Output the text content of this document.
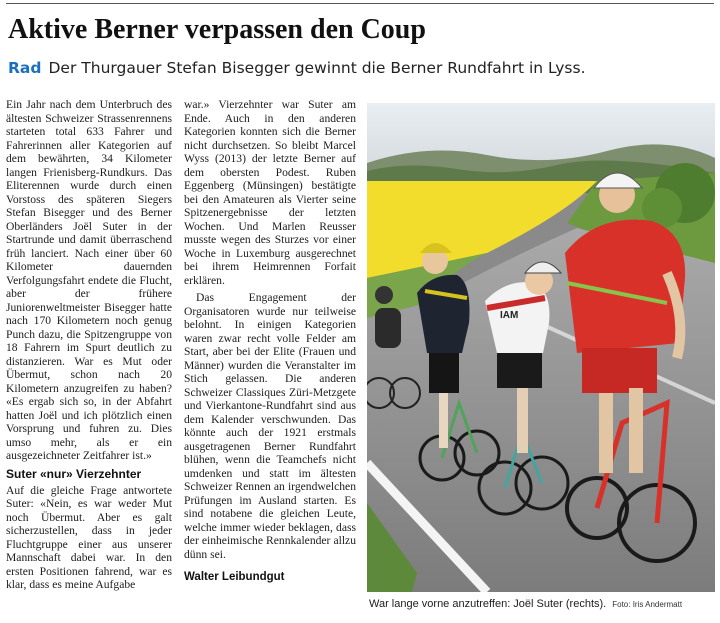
Aktive Berner verpassen den Coup
Rad Der Thurgauer Stefan Bisegger gewinnt die Berner Rundfahrt in Lyss.

Ein Jahr nach dem Unterbruch des ältesten Schweizer Strassenrennens starteten total 633 Fahrer und Fahrerinnen aller Kategorien auf dem bewährten, 34 Kilometer langen Frienisberg-Rundkurs. Das Eliterennen wurde durch einen Vorstoss des späteren Siegers Stefan Bisegger und des Berner Oberländers Joël Suter in der Startrunde und damit überraschend früh lanciert. Nach einer über 60 Kilometer dauernden Verfolgungsfahrt endete die Flucht, aber der frühere Juniorenweltmeister Bisegger hatte nach 170 Kilometern noch genug Punch dazu, die Spitzengruppe von 18 Fahrern im Spurt deutlich zu distanzieren. War es Mut oder Übermut, schon nach 20 Kilometern anzugreifen zu haben? «Es ergab sich so, in der Abfahrt hatten Joël und ich plötzlich einen Vorsprung und fuhren zu. Dies umso mehr, als er ein ausgezeichneter Zeitfahrer ist.»

Suter «nur» Vierzehnter

Auf die gleiche Frage antwortete Suter: «Nein, es war weder Mut noch Übermut. Aber es galt sicherzustellen, dass in jeder Fluchtgruppe einer aus unserer Mannschaft dabei war. In den ersten Positionen fahrend, war es klar, dass es meine Aufgabe

war.» Vierzehnter war Suter am Ende. Auch in den anderen Kategorien konnten sich die Berner nicht durchsetzen. So bleibt Marcel Wyss (2013) der letzte Berner auf dem obersten Podest. Ruben Eggenberg (Münsingen) bestätigte bei den Amateuren als Vierter seine Spitzenergebnisse der letzten Wochen. Und Marlen Reusser musste wegen des Sturzes vor einer Woche in Luxemburg ausgerechnet bei ihrem Heimrennen Forfait erklären.

Das Engagement der Organisatoren wurde nur teilweise belohnt. In einigen Kategorien waren zwar recht volle Felder am Start, aber bei der Elite (Frauen und Männer) wurden die Veranstalter im Stich gelassen. Die anderen Schweizer Classiques Züri-Metzgete und Vierkantone-Rundfahrt sind aus dem Kalender verschwunden. Das könnte auch der 1921 erstmals ausgetragenen Berner Rundfahrt blühen, wenn die Teamchefs nicht umdenken und statt im ältesten Schweizer Rennen an irgendwelchen Prüfungen im Ausland starten. Es sind notabene die gleichen Leute, welche immer wieder beklagen, dass der einheimische Rennkalender allzu dünn sei.

Walter Leibundgut
IAM
War lange vorne anzutreffen: Joël Suter (rechts). Foto: Iris Andermatt
